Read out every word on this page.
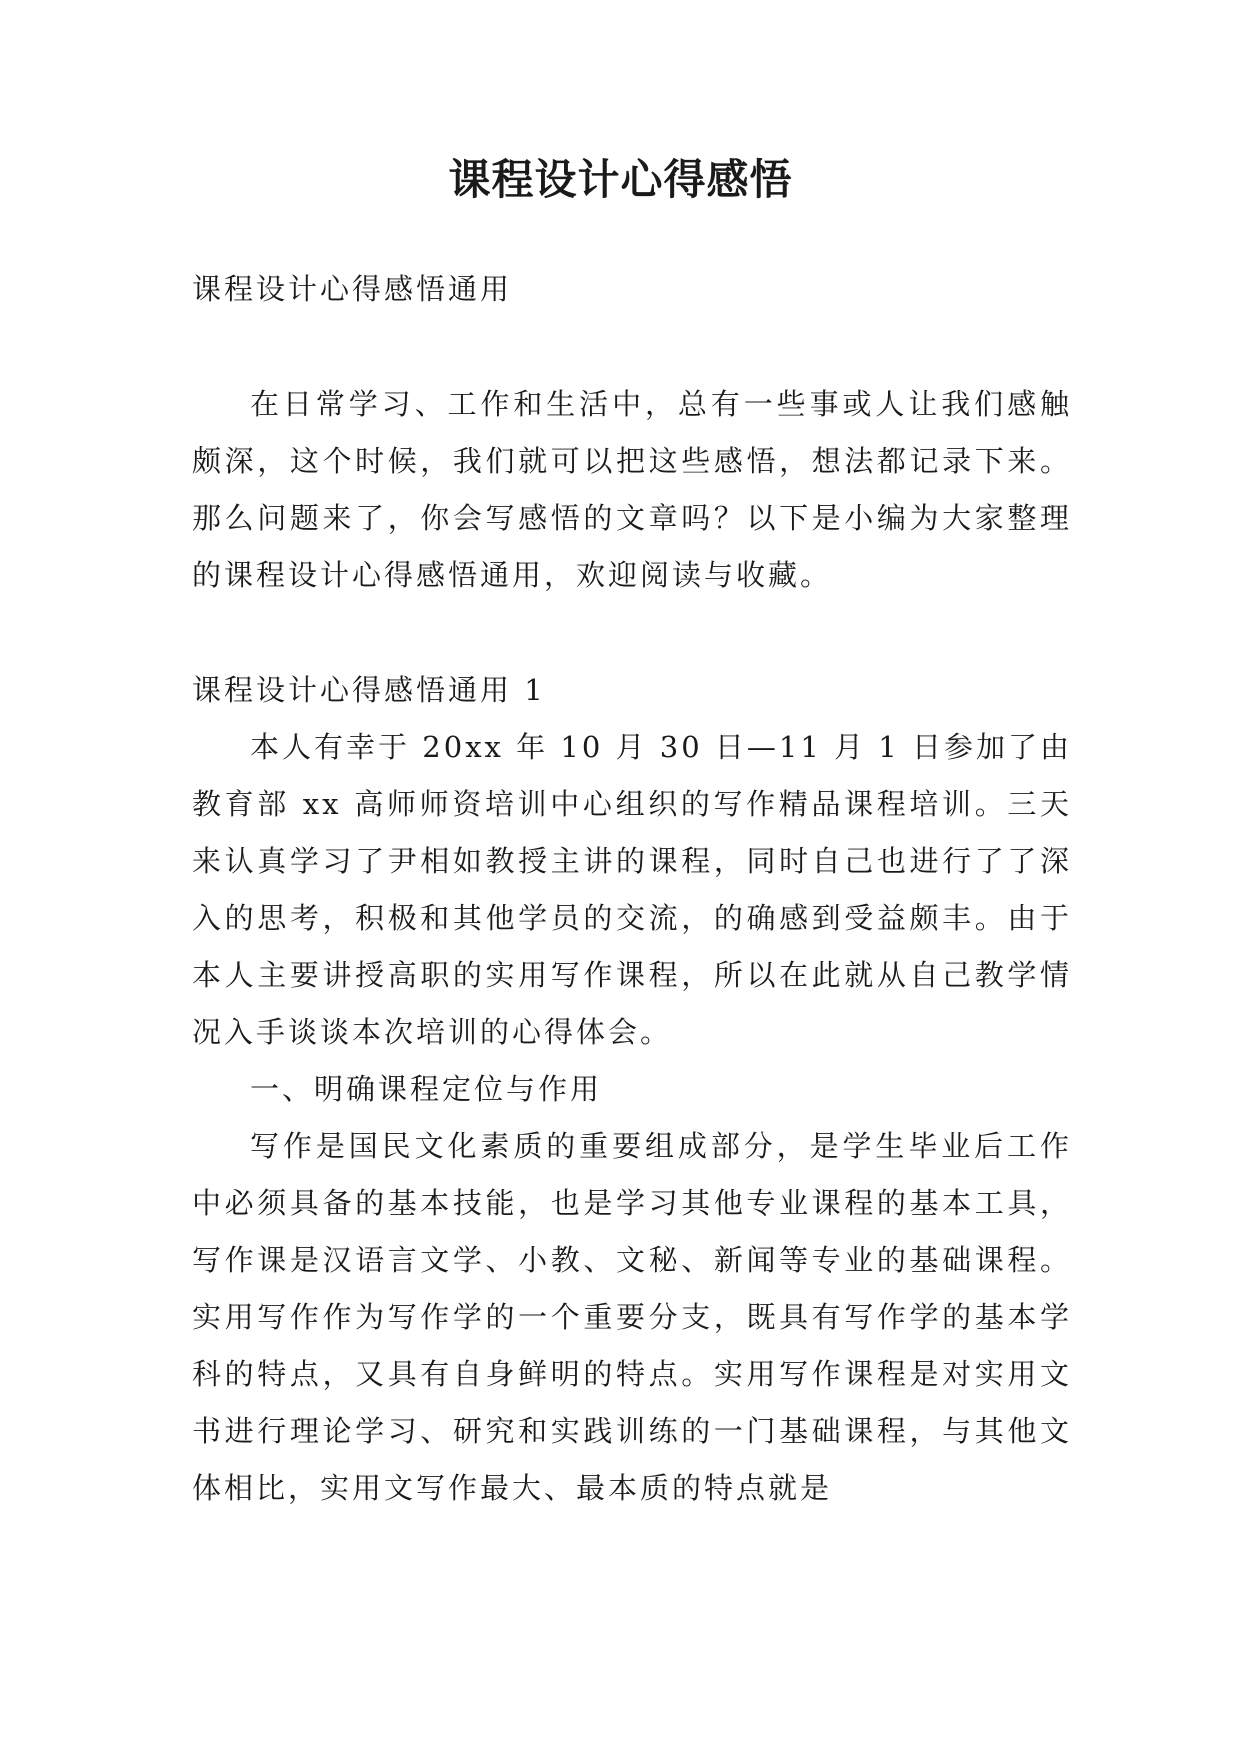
课程设计心得感悟

课程设计心得感悟通用

在日常学习、工作和生活中，总有一些事或人让我们感触颇深，这个时候，我们就可以把这些感悟，想法都记录下来。那么问题来了，你会写感悟的文章吗？以下是小编为大家整理的课程设计心得感悟通用，欢迎阅读与收藏。

课程设计心得感悟通用 1

本人有幸于 20xx 年 10 月 30 日—11 月 1 日参加了由教育部 xx 高师师资培训中心组织的写作精品课程培训。三天来认真学习了尹相如教授主讲的课程，同时自己也进行了了深入的思考，积极和其他学员的交流，的确感到受益颇丰。由于本人主要讲授高职的实用写作课程，所以在此就从自己教学情况入手谈谈本次培训的心得体会。

一、明确课程定位与作用

写作是国民文化素质的重要组成部分，是学生毕业后工作中必须具备的基本技能，也是学习其他专业课程的基本工具，写作课是汉语言文学、小教、文秘、新闻等专业的基础课程。实用写作作为写作学的一个重要分支，既具有写作学的基本学科的特点，又具有自身鲜明的特点。实用写作课程是对实用文书进行理论学习、研究和实践训练的一门基础课程，与其他文体相比，实用文写作最大、最本质的特点就是
